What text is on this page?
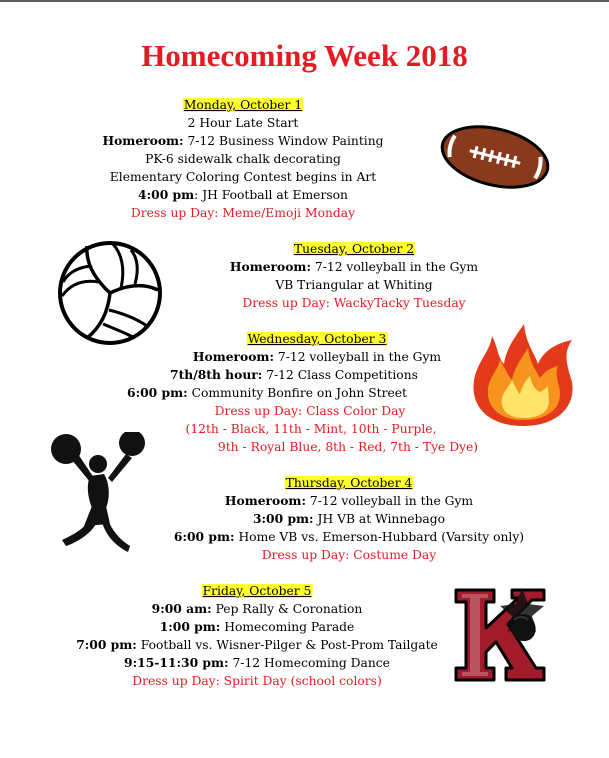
Homecoming Week 2018
Monday, October 1
2 Hour Late Start
Homeroom: 7-12 Business Window Painting
PK-6 sidewalk chalk decorating
Elementary Coloring Contest begins in Art
4:00 pm: JH Football at Emerson
Dress up Day: Meme/Emoji Monday
Tuesday, October 2
Homeroom: 7-12 volleyball in the Gym
VB Triangular at Whiting
Dress up Day: WackyTacky Tuesday
Wednesday, October 3
Homeroom: 7-12 volleyball in the Gym
7th/8th hour: 7-12 Class Competitions
6:00 pm: Community Bonfire on John Street
Dress up Day: Class Color Day
(12th - Black, 11th - Mint, 10th - Purple,
9th - Royal Blue, 8th - Red, 7th - Tye Dye)
Thursday, October 4
Homeroom: 7-12 volleyball in the Gym
3:00 pm: JH VB at Winnebago
6:00 pm: Home VB vs. Emerson-Hubbard (Varsity only)
Dress up Day: Costume Day
Friday, October 5
9:00 am: Pep Rally & Coronation
1:00 pm: Homecoming Parade
7:00 pm: Football vs. Wisner-Pilger & Post-Prom Tailgate
9:15-11:30 pm: 7-12 Homecoming Dance
Dress up Day: Spirit Day (school colors)
